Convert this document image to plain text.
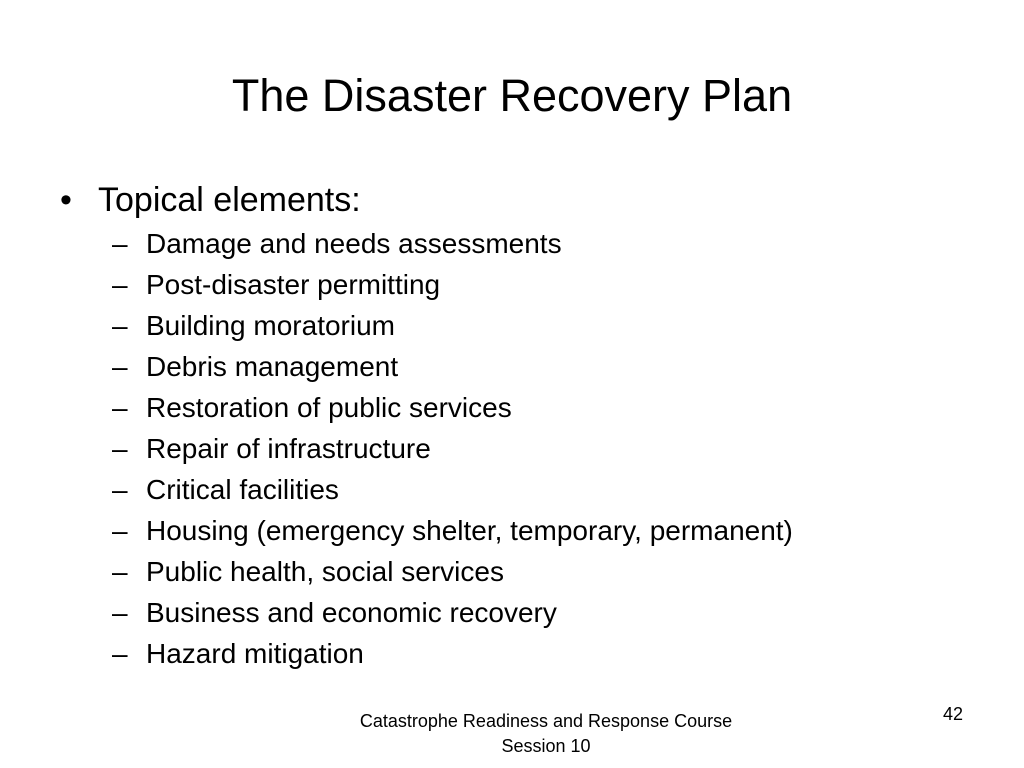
The Disaster Recovery Plan
• Topical elements:
– Damage and needs assessments
– Post-disaster permitting
– Building moratorium
– Debris management
– Restoration of public services
– Repair of infrastructure
– Critical facilities
– Housing (emergency shelter, temporary, permanent)
– Public health, social services
– Business and economic recovery
– Hazard mitigation
Catastrophe Readiness and Response Course
Session 10
42
